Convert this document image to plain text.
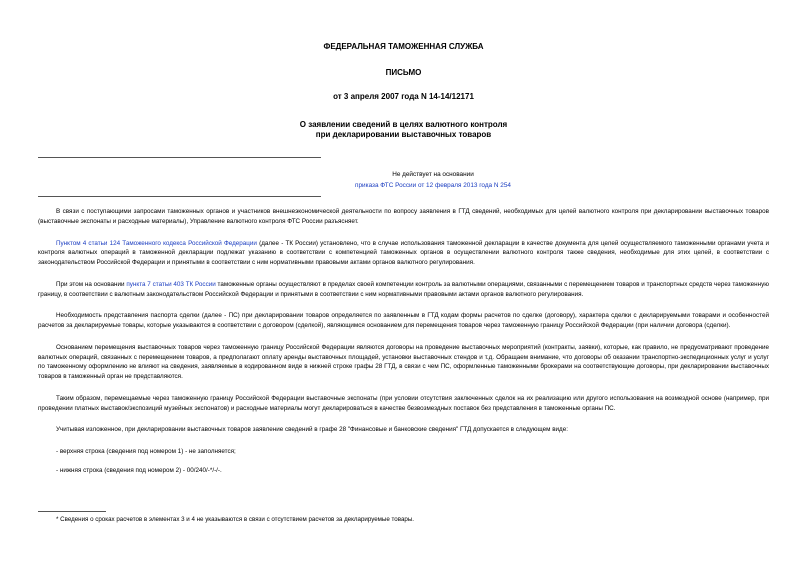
ФЕДЕРАЛЬНАЯ ТАМОЖЕННАЯ СЛУЖБА
ПИСЬМО
от 3 апреля 2007 года N 14-14/12171
О заявлении сведений в целях валютного контроля
при декларировании выставочных товаров
Не действует на основании
приказа ФТС России от 12 февраля 2013 года N 254

В связи с поступающими запросами таможенных органов и участников внешнеэкономической деятельности по вопросу заявления в ГТД сведений, необходимых для целей валютного контроля при декларировании выставочных товаров (выставочные экспонаты и расходные материалы), Управление валютного контроля ФТС России разъясняет.

Пунктом 4 статьи 124 Таможенного кодекса Российской Федерации (далее - ТК России) установлено, что в случае использования таможенной декларации в качестве документа для целей осуществляемого таможенными органами учета и контроля валютных операций в таможенной декларации подлежат указанию в соответствии с компетенцией таможенных органов в осуществлении валютного контроля также сведения, необходимые для этих целей, в соответствии с законодательством Российской Федерации и принятыми в соответствии с ним нормативными правовыми актами органов валютного регулирования.

При этом на основании пункта 7 статьи 403 ТК России таможенные органы осуществляют в пределах своей компетенции контроль за валютными операциями, связанными с перемещением товаров и транспортных средств через таможенную границу, в соответствии с валютным законодательством Российской Федерации и принятыми в соответствии с ним нормативными правовыми актами органов валютного регулирования.

Необходимость представления паспорта сделки (далее - ПС) при декларировании товаров определяется по заявленным в ГТД кодам формы расчетов по сделке (договору), характера сделки с декларируемыми товарами и особенностей расчетов за декларируемые товары, которые указываются в соответствии с договором (сделкой), являющимся основанием для перемещения товаров через таможенную границу Российской Федерации (при наличии договора (сделки).

Основанием перемещения выставочных товаров через таможенную границу Российской Федерации являются договоры на проведение выставочных мероприятий (контракты, заявки), которые, как правило, не предусматривают проведение валютных операций, связанных с перемещением товаров, а предполагают оплату аренды выставочных площадей, установки выставочных стендов и т.д. Обращаем внимание, что договоры об оказании транспортно-экспедиционных услуг и услуг по таможенному оформлению не влияют на сведения, заявляемые в кодированном виде в нижней строке графы 28 ГТД, в связи с чем ПС, оформленные таможенными брокерами на соответствующие договоры, при декларировании выставочных товаров в таможенный орган не представляются.

Таким образом, перемещаемые через таможенную границу Российской Федерации выставочные экспонаты (при условии отсутствия заключенных сделок на их реализацию или другого использования на возмездной основе (например, при проведении платных выставок/экспозиций музейных экспонатов) и расходные материалы могут декларироваться в качестве безвозмездных поставок без представления в таможенные органы ПС.

Учитывая изложенное, при декларировании выставочных товаров заявление сведений в графе 28 "Финансовые и банковские сведения" ГТД допускается в следующем виде:

- верхняя строка (сведения под номером 1) - не заполняется;

- нижняя строка (сведения под номером 2) - 00/240/-*/-/-.

* Сведения о сроках расчетов в элементах 3 и 4 не указываются в связи с отсутствием расчетов за декларируемые товары.
